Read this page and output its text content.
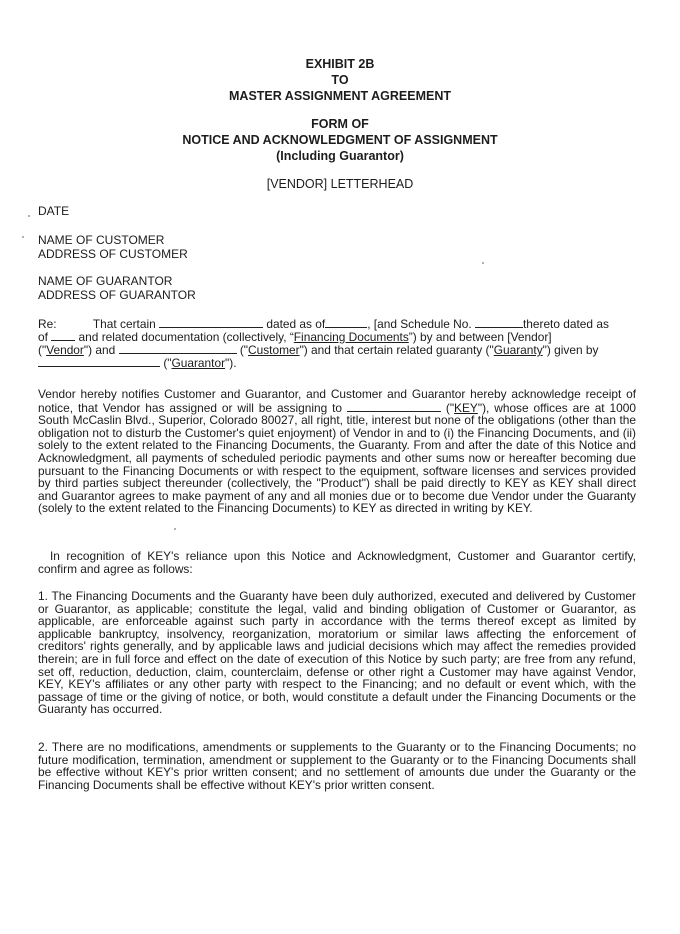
EXHIBIT 2B
TO
MASTER ASSIGNMENT AGREEMENT
FORM OF
NOTICE AND ACKNOWLEDGMENT OF ASSIGNMENT
(Including Guarantor)
[VENDOR] LETTERHEAD
DATE
NAME OF CUSTOMER
ADDRESS OF CUSTOMER
NAME OF GUARANTOR
ADDRESS OF GUARANTOR
Re:	That certain	dated as of	, [and Schedule No.	thereto dated as
of	and related documentation (collectively, “Financing Documents”) by and between [Vendor]
("Vendor") and	("Customer") and that certain related guaranty ("Guaranty") given by
("Guarantor").
Vendor hereby notifies Customer and Guarantor, and Customer and Guarantor hereby acknowledge receipt of notice, that Vendor has assigned or will be assigning to	("KEY"), whose offices are at 1000 South McCaslin Blvd., Superior, Colorado 80027, all right, title, interest but none of the obligations (other than the obligation not to disturb the Customer's quiet enjoyment) of Vendor in and to (i) the Financing Documents, and (ii) solely to the extent related to the Financing Documents, the Guaranty. From and after the date of this Notice and Acknowledgment, all payments of scheduled periodic payments and other sums now or hereafter becoming due pursuant to the Financing Documents or with respect to the equipment, software licenses and services provided by third parties subject thereunder (collectively, the "Product") shall be paid directly to KEY as KEY shall direct and Guarantor agrees to make payment of any and all monies due or to become due Vendor under the Guaranty (solely to the extent related to the Financing Documents) to KEY as directed in writing by KEY.
In recognition of KEY's reliance upon this Notice and Acknowledgment, Customer and Guarantor certify, confirm and agree as follows:
1. The Financing Documents and the Guaranty have been duly authorized, executed and delivered by Customer or Guarantor, as applicable; constitute the legal, valid and binding obligation of Customer or Guarantor, as applicable, are enforceable against such party in accordance with the terms thereof except as limited by applicable bankruptcy, insolvency, reorganization, moratorium or similar laws affecting the enforcement of creditors' rights generally, and by applicable laws and judicial decisions which may affect the remedies provided therein; are in full force and effect on the date of execution of this Notice by such party; are free from any refund, set off, reduction, deduction, claim, counterclaim, defense or other right a Customer may have against Vendor, KEY, KEY's affiliates or any other party with respect to the Financing; and no default or event which, with the passage of time or the giving of notice, or both, would constitute a default under the Financing Documents or the Guaranty has occurred.
2. There are no modifications, amendments or supplements to the Guaranty or to the Financing Documents; no future modification, termination, amendment or supplement to the Guaranty or to the Financing Documents shall be effective without KEY's prior written consent; and no settlement of amounts due under the Guaranty or the Financing Documents shall be effective without KEY's prior written consent.
